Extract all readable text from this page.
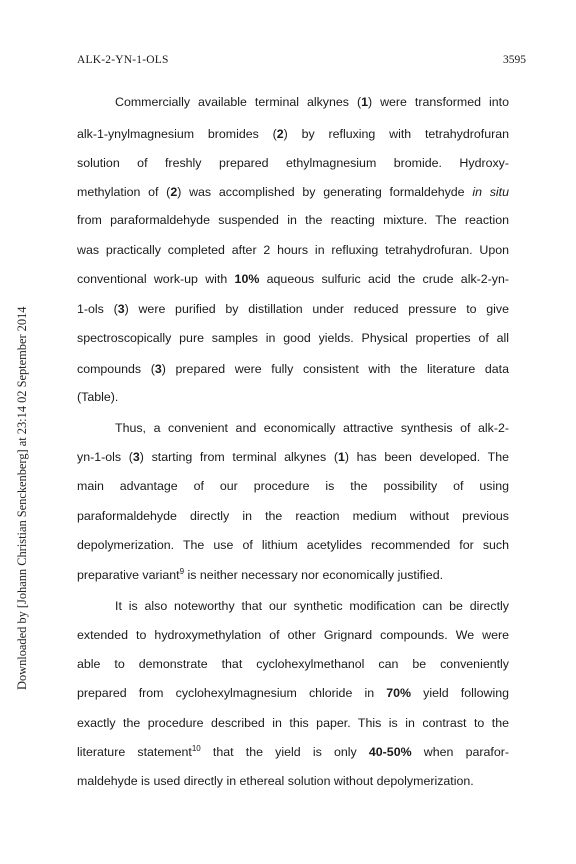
ALK-2-YN-1-OLS	3595
Downloaded by [Johann Christian Senckenberg] at 23:14 02 September 2014
Commercially available terminal alkynes (1) were transformed into
alk-1-ynylmagnesium bromides (2) by refluxing with tetrahydrofuran
solution of freshly prepared ethylmagnesium bromide. Hydroxy-
methylation of (2) was accomplished by generating formaldehyde in situ
from paraformaldehyde suspended in the reacting mixture. The reaction
was practically completed after 2 hours in refluxing tetrahydrofuran. Upon
conventional work-up with 10% aqueous sulfuric acid the crude alk-2-yn-
1-ols (3) were purified by distillation under reduced pressure to give
spectroscopically pure samples in good yields. Physical properties of all
compounds (3) prepared were fully consistent with the literature data
(Table).
Thus, a convenient and economically attractive synthesis of alk-2-
yn-1-ols (3) starting from terminal alkynes (1) has been developed. The
main advantage of our procedure is the possibility of using
paraformaldehyde directly in the reaction medium without previous
depolymerization. The use of lithium acetylides recommended for such
preparative variant$^9$ is neither necessary nor economically justified.
It is also noteworthy that our synthetic modification can be directly
extended to hydroxymethylation of other Grignard compounds. We were
able to demonstrate that cyclohexylmethanol can be conveniently
prepared from cyclohexylmagnesium chloride in 70% yield following
exactly the procedure described in this paper. This is in contrast to the
literature statement$^{10}$ that the yield is only 40-50% when parafor-
maldehyde is used directly in ethereal solution without depolymerization.
